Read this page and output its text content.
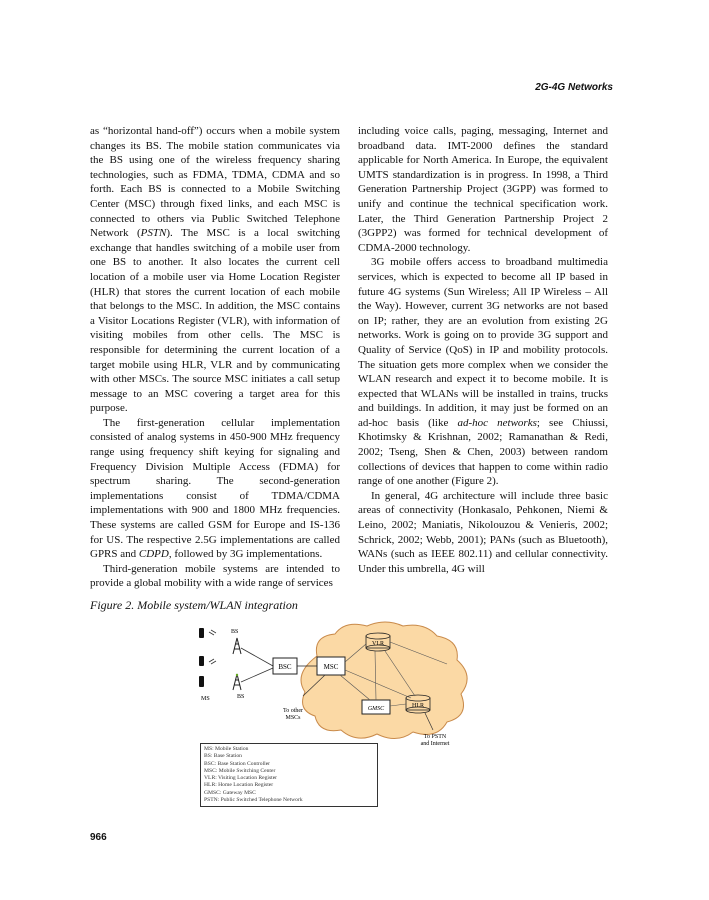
2G-4G Networks

as “horizontal hand-off”) occurs when a mobile system changes its BS. The mobile station communicates via the BS using one of the wireless frequency sharing technologies, such as FDMA, TDMA, CDMA and so forth. Each BS is connected to a Mobile Switching Center (MSC) through fixed links, and each MSC is connected to others via Public Switched Telephone Network (PSTN). The MSC is a local switching exchange that handles switching of a mobile user from one BS to another. It also locates the current cell location of a mobile user via Home Location Register (HLR) that stores the current location of each mobile that belongs to the MSC. In addition, the MSC contains a Visitor Locations Register (VLR), with information of visiting mobiles from other cells. The MSC is responsible for determining the current location of a target mobile using HLR, VLR and by communicating with other MSCs. The source MSC initiates a call setup message to an MSC covering a target area for this purpose.

The first-generation cellular implementation consisted of analog systems in 450-900 MHz frequency range using frequency shift keying for signaling and Frequency Division Multiple Access (FDMA) for spectrum sharing. The second-generation implementations consist of TDMA/CDMA implementations with 900 and 1800 MHz frequencies. These systems are called GSM for Europe and IS-136 for US. The respective 2.5G implementations are called GPRS and CDPD, followed by 3G implementations.

Third-generation mobile systems are intended to provide a global mobility with a wide range of services

including voice calls, paging, messaging, Internet and broadband data. IMT-2000 defines the standard applicable for North America. In Europe, the equivalent UMTS standardization is in progress. In 1998, a Third Generation Partnership Project (3GPP) was formed to unify and continue the technical specification work. Later, the Third Generation Partnership Project 2 (3GPP2) was formed for technical development of CDMA-2000 technology.

3G mobile offers access to broadband multimedia services, which is expected to become all IP based in future 4G systems (Sun Wireless; All IP Wireless – All the Way). However, current 3G networks are not based on IP; rather, they are an evolution from existing 2G networks. Work is going on to provide 3G support and Quality of Service (QoS) in IP and mobility protocols. The situation gets more complex when we consider the WLAN research and expect it to become mobile. It is expected that WLANs will be installed in trains, trucks and buildings. In addition, it may just be formed on an ad-hoc basis (like ad-hoc networks; see Chiussi, Khotimsky & Krishnan, 2002; Ramanathan & Redi, 2002; Tseng, Shen & Chen, 2003) between random collections of devices that happen to come within radio range of one another (Figure 2).

In general, 4G architecture will include three basic areas of connectivity (Honkasalo, Pehkonen, Niemi & Leino, 2002; Maniatis, Nikolouzou & Venieris, 2002; Schrick, 2002; Webb, 2001); PANs (such as Bluetooth), WANs (such as IEEE 802.11) and cellular connectivity. Under this umbrella, 4G will

Figure 2. Mobile system/WLAN integration
BSC	MSC
VLR
GMSC	HLR
BS
BS
MS
To other
MSCs
To PSTN
and Internet
MS: Mobile Station
BS: Base Station
BSC: Base Station Controller
MSC: Mobile Switching Center
VLR: Visiting Location Register
HLR: Home Location Register
GMSC: Gateway MSC
PSTN: Public Switched Telephone Network
966
